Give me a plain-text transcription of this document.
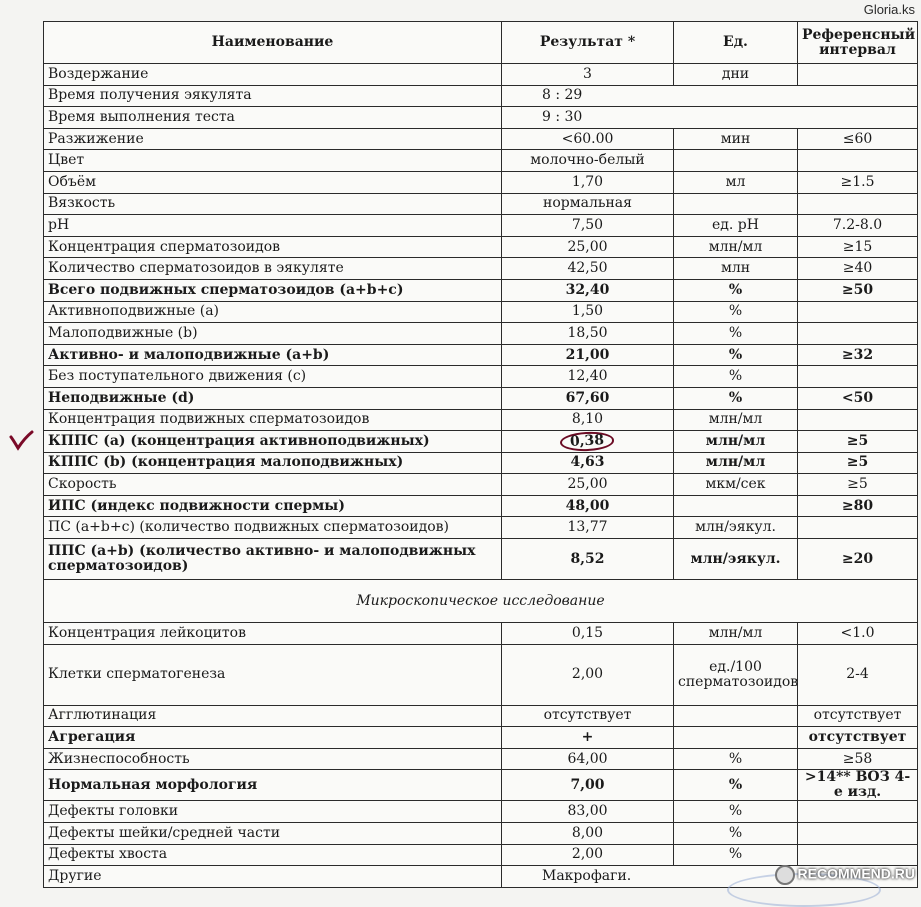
Gloria.ks
Наименование	Результат *	Ед.	Референсный интервал
Воздержание	3	дни	
Время получения эякулята	8 : 29		
Время выполнения теста	9 : 30		
Разжижение	<60.00	мин	≤60
Цвет	молочно-белый		
Объём	1,70	мл	≥1.5
Вязкость	нормальная		
pH	7,50	ед. pH	7.2-8.0
Концентрация сперматозоидов	25,00	млн/мл	≥15
Количество сперматозоидов в эякуляте	42,50	млн	≥40
Всего подвижных сперматозоидов (a+b+c)	32,40	%	≥50
Активноподвижные (a)	1,50	%	
Малоподвижные (b)	18,50	%	
Активно- и малоподвижные (a+b)	21,00	%	≥32
Без поступательного движения (c)	12,40	%	
Неподвижные (d)	67,60	%	<50
Концентрация подвижных сперматозоидов	8,10	млн/мл	
КППС (a) (концентрация активноподвижных)	0,38	млн/мл	≥5
КППС (b) (концентрация малоподвижных)	4,63	млн/мл	≥5
Скорость	25,00	мкм/сек	≥5
ИПС (индекс подвижности спермы)	48,00		≥80
ПС (a+b+c) (количество подвижных сперматозоидов)	13,77	млн/эякул.	
ППС (a+b) (количество активно- и малоподвижных сперматозоидов)	8,52	млн/эякул.	≥20
Микроскопическое исследование			
Концентрация лейкоцитов	0,15	млн/мл	<1.0
Клетки сперматогенеза	2,00	ед./100 сперматозоидов	2-4
Агглютинация	отсутствует		отсутствует
Агрегация	+		отсутствует
Жизнеспособность	64,00	%	≥58
Нормальная морфология	7,00	%	>14** ВОЗ 4-е изд.
Дефекты головки	83,00	%	
Дефекты шейки/средней части	8,00	%	
Дефекты хвоста	2,00	%	
Другие	Макрофаги.			RECOMMEND.RU
